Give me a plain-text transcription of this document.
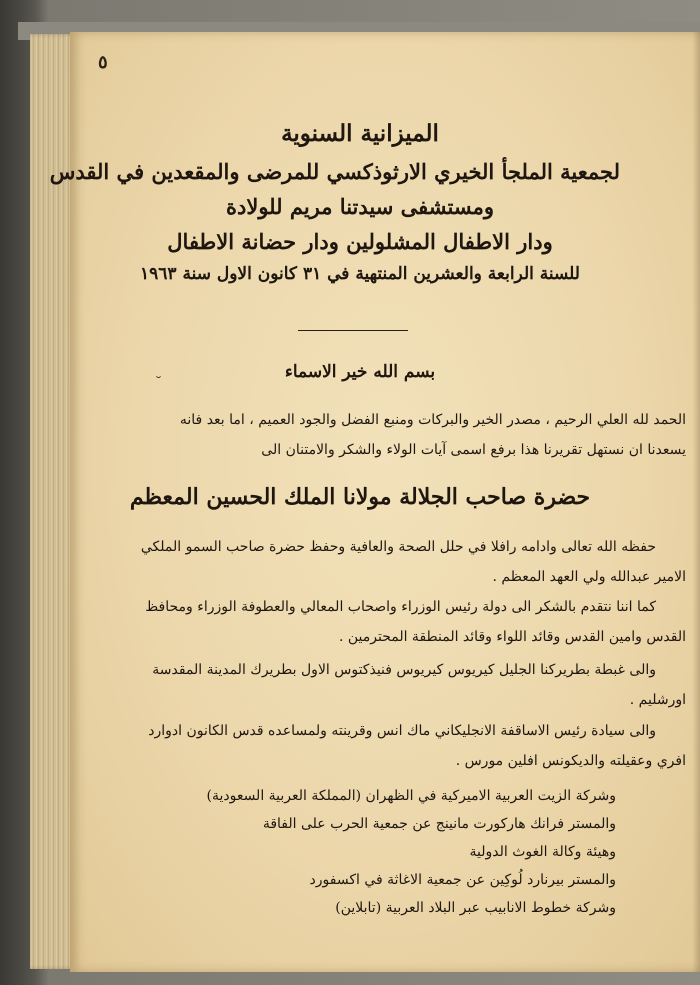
٥
الميزانية السنوية
لجمعية الملجأ الخيري الارثوذكسي للمرضى والمقعدين في القدس
ومستشفى سيدتنا مريم للولادة
ودار الاطفال المشلولين ودار حضانة الاطفال
للسنة الرابعة والعشرين المنتهية في ٣١ كانون الاول سنة ١٩٦٣
بسم الله خير الاسماء
˘

الحمد لله العلي الرحيم ، مصدر الخير والبركات ومنبع الفضل والجود العميم ، اما بعد فانه

يسعدنا ان نستهل تقريرنا هذا برفع اسمى آيات الولاء والشكر والامتنان الى

حضرة صاحب الجلالة مولانا الملك الحسين المعظم

حفظه الله تعالى وادامه رافلا في حلل الصحة والعافية وحفظ حضرة صاحب السمو الملكي

الامير عبدالله ولي العهد المعظم .

كما اننا نتقدم بالشكر الى دولة رئيس الوزراء واصحاب المعالي والعطوفة الوزراء ومحافظ

القدس وامين القدس وقائد اللواء وقائد المنطقة المحترمين .

والى غبطة بطريركنا الجليل كيريوس كيريوس فنيذكتوس الاول بطريرك المدينة المقدسة

اورشليم .

والى سيادة رئيس الاساقفة الانجليكاني ماك انس وقرينته ولمساعده قدس الكانون ادوارد

افري وعقيلته والديكونس افلين مورس .

وشركة الزيت العربية الاميركية في الظهران (المملكة العربية السعودية)
والمستر فرانك هاركورت مانينج عن جمعية الحرب على الفاقة
وهيئة وكالة الغوث الدولية
والمستر بيرنارد لُوكِين عن جمعية الاغاثة في اكسفورد
وشركة خطوط الانابيب عبر البلاد العربية (تابلاين)
